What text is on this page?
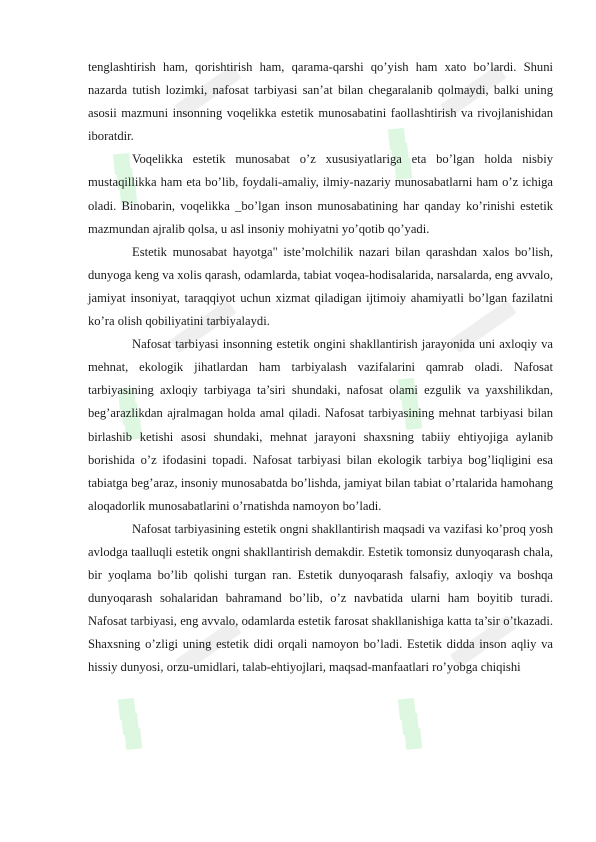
tenglashtirish ham, qorishtirish ham, qarama-qarshi qo’yish ham xato bo’lardi. Shuni nazarda tutish lozimki, nafosat tarbiyasi san’at bilan chegaralanib qolmaydi, balki uning asosii mazmuni insonning voqelikka estetik munosabatini faollashtirish va rivojlanishidan iboratdir.

Voqelikka estetik munosabat o’z xususiyatlariga eta bo’lgan holda nisbiy mustaqillikka ham eta bo’lib, foydali-amaliy, ilmiy-nazariy munosabatlarni ham o’z ichiga oladi. Binobarin, voqelikka _bo’lgan inson munosabatining har qanday ko’rinishi estetik mazmundan ajralib qolsa, u asl insoniy mohiyatni yo’qotib qo’yadi.

Estetik munosabat hayotga" iste’molchilik nazari bilan qarashdan xalos bo’lish, dunyoga keng va xolis qarash, odamlarda, tabiat voqea-hodisalarida, narsalarda, eng avvalo, jamiyat insoniyat, taraqqiyot uchun xizmat qiladigan ijtimoiy ahamiyatli bo’lgan fazilatni ko’ra olish qobiliyatini tarbiyalaydi.

Nafosat tarbiyasi insonning estetik ongini shakllantirish jarayonida uni axloqiy va mehnat, ekologik jihatlardan ham tarbiyalash vazifalarini qamrab oladi. Nafosat tarbiyasining axloqiy tarbiyaga ta’siri shundaki, nafosat olami ezgulik va yaxshilikdan, beg’arazlikdan ajralmagan holda amal qiladi. Nafosat tarbiyasining mehnat tarbiyasi bilan birlashib ketishi asosi shundaki, mehnat jarayoni shaxsning tabiiy ehtiyojiga aylanib borishida o’z ifodasini topadi. Nafosat tarbiyasi bilan ekologik tarbiya bog’liqligini esa tabiatga beg’araz, insoniy munosabatda bo’lishda, jamiyat bilan tabiat o’rtalarida hamohang aloqadorlik munosabatlarini o’rnatishda namoyon bo’ladi.

Nafosat tarbiyasining estetik ongni shakllantirish maqsadi va vazifasi ko’proq yosh avlodga taalluqli estetik ongni shakllantirish demakdir. Estetik tomonsiz dunyoqarash chala, bir yoqlama bo’lib qolishi turgan ran. Estetik dunyoqarash falsafiy, axloqiy va boshqa dunyoqarash sohalaridan bahramand bo’lib, o’z navbatida ularni ham boyitib turadi. Nafosat tarbiyasi, eng avvalo, odamlarda estetik farosat shakllanishiga katta ta’sir o’tkazadi. Shaxsning o’zligi uning estetik didi orqali namoyon bo’ladi. Estetik didda inson aqliy va hissiy dunyosi, orzu-umidlari, talab-ehtiyojlari, maqsad-manfaatlari ro’yobga chiqishi
